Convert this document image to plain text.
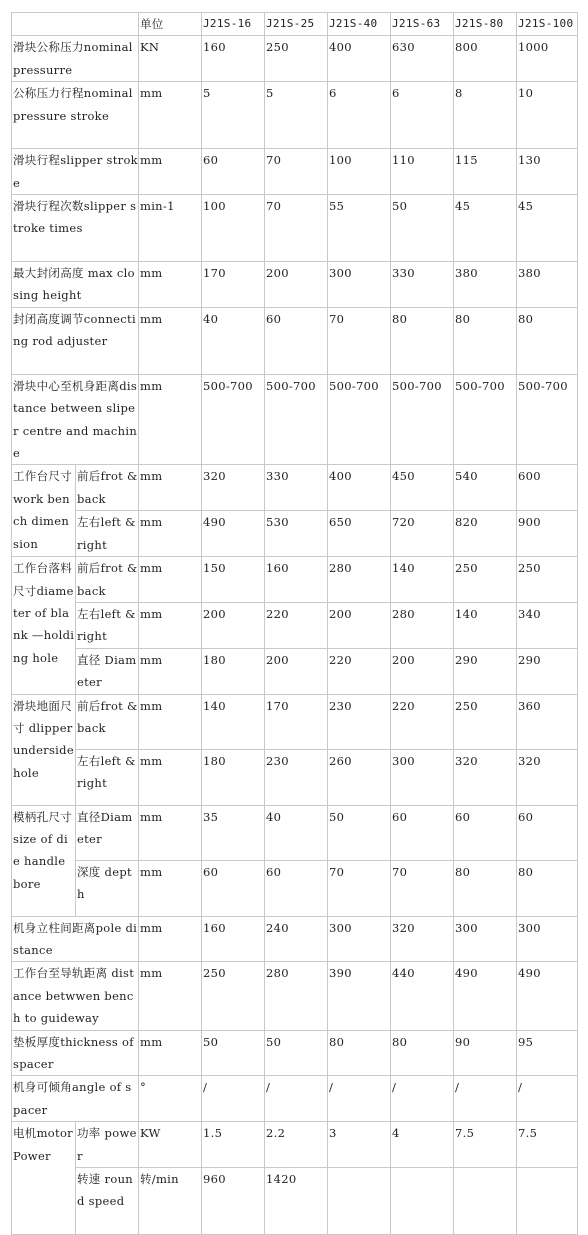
		单位	J21S-16	J21S-25	J21S-40	J21S-63	J21S-80	J21S-100
滑块公称压力nominal pressurre		KN	160	250	400	630	800	1000
公称压力行程nominal pressure stroke		mm	5	5	6	6	8	10
滑块行程slipper stroke		mm	60	70	100	110	115	130
滑块行程次数slipper stroke times		min-1	100	70	55	50	45	45
最大封闭高度 max closing height		mm	170	200	300	330	380	380
封闭高度调节connecting rod adjuster		mm	40	60	70	80	80	80
滑块中心至机身距离distance between sliper centre and machine		mm	500-700	500-700	500-700	500-700	500-700	500-700
工作台尺寸work bench dimension	前后frot &back	mm	320	330	400	450	540	600
	左右left & right	mm	490	530	650	720	820	900
工作台落料尺寸diameter of blank —holding hole	前后frot &back	mm	150	160	280	140	250	250
	左右left & right	mm	200	220	200	280	140	340
	直径 Diameter	mm	180	200	220	200	290	290
滑块地面尺寸 dlipper underside hole	前后frot &back	mm	140	170	230	220	250	360
	左右left & right	mm	180	230	260	300	320	320
模柄孔尺寸size of die handle bore	直径Diameter	mm	35	40	50	60	60	60
	深度 depth	mm	60	60	70	70	80	80
机身立柱间距离pole distance		mm	160	240	300	320	300	300
工作台至导轨距离 distance betwwen bench to guideway		mm	250	280	390	440	490	490
垫板厚度thickness of spacer		mm	50	50	80	80	90	95
机身可倾角angle of spacer		°	/	/	/	/	/	/
电机motor Power	功率 power	KW	1.5	2.2	3	4	7.5	7.5
	转速 round speed	转/min	960	1420				
